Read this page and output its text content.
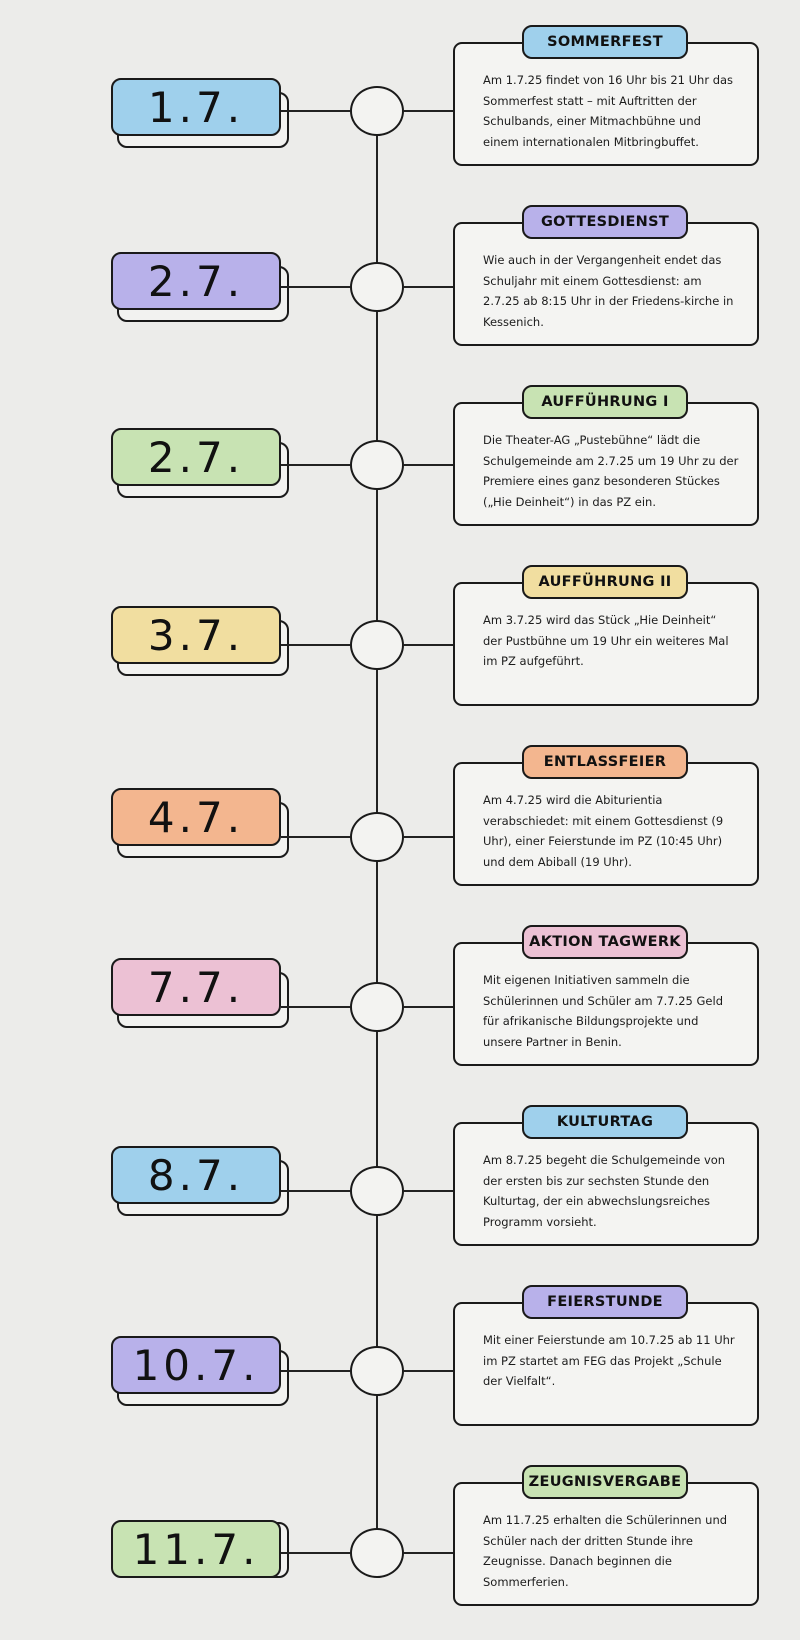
1.7.

Am 1.7.25 findet von 16 Uhr bis 21 Uhr das Sommerfest statt – mit Auftritten der Schulbands, einer Mitmachbühne und einem internationalen Mitbringbuffet.

SOMMERFEST
2.7.	Wie auch in der Vergangenheit endet das Schuljahr mit einem Gottesdienst: am 2.7.25 ab 8:15 Uhr in der Friedens-kirche in Kessenich.

GOTTESDIENST
2.7.	Die Theater-AG „Pustebühne“ lädt die Schulgemeinde am 2.7.25 um 19 Uhr zu der Premiere eines ganz besonderen Stückes („Hie Deinheit“) in das PZ ein.

AUFFÜHRUNG I
3.7.	Am 3.7.25 wird das Stück „Hie Deinheit“ der Pustbühne um 19 Uhr ein weiteres Mal im PZ aufgeführt.

AUFFÜHRUNG II
4.7.	Am 4.7.25 wird die Abiturientia verabschiedet: mit einem Gottesdienst (9 Uhr), einer Feierstunde im PZ (10:45 Uhr) und dem Abiball (19 Uhr).

ENTLASSFEIER
7.7.	Mit eigenen Initiativen sammeln die Schülerinnen und Schüler am 7.7.25 Geld für afrikanische Bildungsprojekte und unsere Partner in Benin.

AKTION TAGWERK
8.7.	Am 8.7.25 begeht die Schulgemeinde von der ersten bis zur sechsten Stunde den Kulturtag, der ein abwechslungsreiches Programm vorsieht.

KULTURTAG
10.7.

Mit einer Feierstunde am 10.7.25 ab 11 Uhr im PZ startet am FEG das Projekt „Schule der Vielfalt“.

FEIERSTUNDE
11.7.

Am 11.7.25 erhalten die Schülerinnen und Schüler nach der dritten Stunde ihre Zeugnisse. Danach beginnen die Sommerferien.

ZEUGNISVERGABE
